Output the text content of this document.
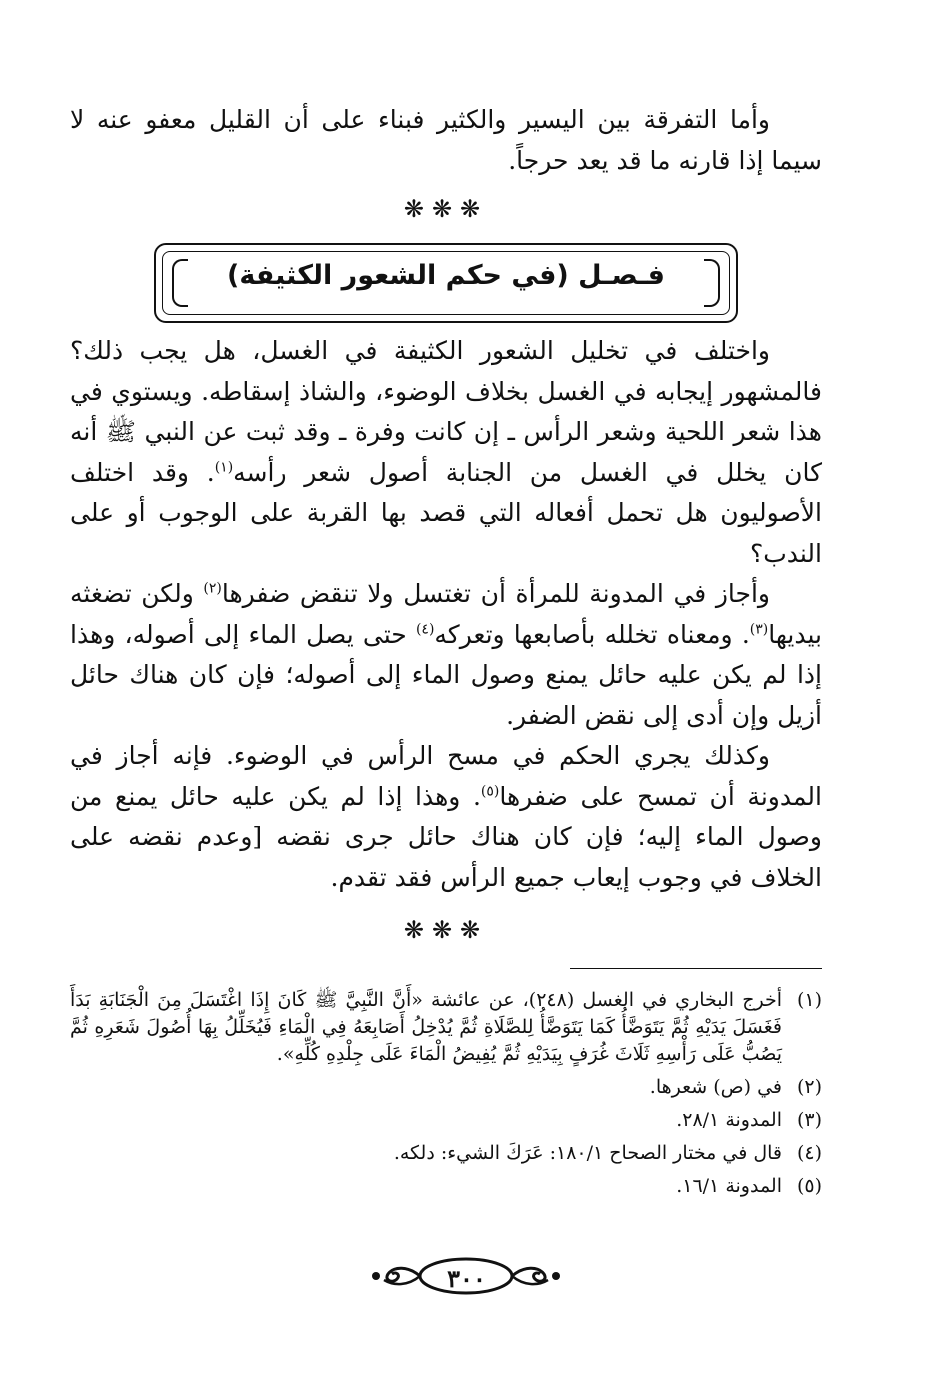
وأما التفرقة بين اليسير والكثير فبناء على أن القليل معفو عنه لا سيما إذا قارنه ما قد يعد حرجاً.

❋❋❋
فـصـل (في حكم الشعور الكثيفة)

واختلف في تخليل الشعور الكثيفة في الغسل، هل يجب ذلك؟ فالمشهور إيجابه في الغسل بخلاف الوضوء، والشاذ إسقاطه. ويستوي في هذا شعر اللحية وشعر الرأس ـ إن كانت وفرة ـ وقد ثبت عن النبي ﷺ أنه كان يخلل في الغسل من الجنابة أصول شعر رأسه$^{(١)}$. وقد اختلف الأصوليون هل تحمل أفعاله التي قصد بها القربة على الوجوب أو على الندب؟

وأجاز في المدونة للمرأة أن تغتسل ولا تنقض ضفرها$^{(٢)}$ ولكن تضغثه بيديها$^{(٣)}$. ومعناه تخلله بأصابعها وتعركه$^{(٤)}$ حتى يصل الماء إلى أصوله، وهذا إذا لم يكن عليه حائل يمنع وصول الماء إلى أصوله؛ فإن كان هناك حائل أزيل وإن أدى إلى نقض الضفر.

وكذلك يجري الحكم في مسح الرأس في الوضوء. فإنه أجاز في المدونة أن تمسح على ضفرها$^{(٥)}$. وهذا إذا لم يكن عليه حائل يمنع من وصول الماء إليه؛ فإن كان هناك حائل جرى نقضه [وعدم نقضه على الخلاف في وجوب إيعاب جميع الرأس فقد تقدم.

❋❋❋
(١)
أخرج البخاري في الغسل (٢٤٨)، عن عائشة «أَنَّ النَّبِيَّ ﷺ كَانَ إِذَا اغْتَسَلَ مِنَ الْجَنَابَةِ بَدَأَ فَغَسَلَ يَدَيْهِ ثُمَّ يَتَوَضَّأُ كَمَا يَتَوَضَّأُ لِلصَّلَاةِ ثُمَّ يُدْخِلُ أَصَابِعَهُ فِي الْمَاءِ فَيُخَلِّلُ بِهَا أُصُولَ شَعَرِهِ ثُمَّ يَصُبُّ عَلَى رَأْسِهِ ثَلَاثَ غُرَفٍ بِيَدَيْهِ ثُمَّ يُفِيضُ الْمَاءَ عَلَى جِلْدِهِ كُلِّهِ».
(٢)
في (ص) شعرها.
(٣)
المدونة ٢٨/١.
(٤)
قال في مختار الصحاح ١٨٠/١: عَرَكَ الشيء: دلكه.
(٥)
المدونة ١٦/١.
٣٠٠
